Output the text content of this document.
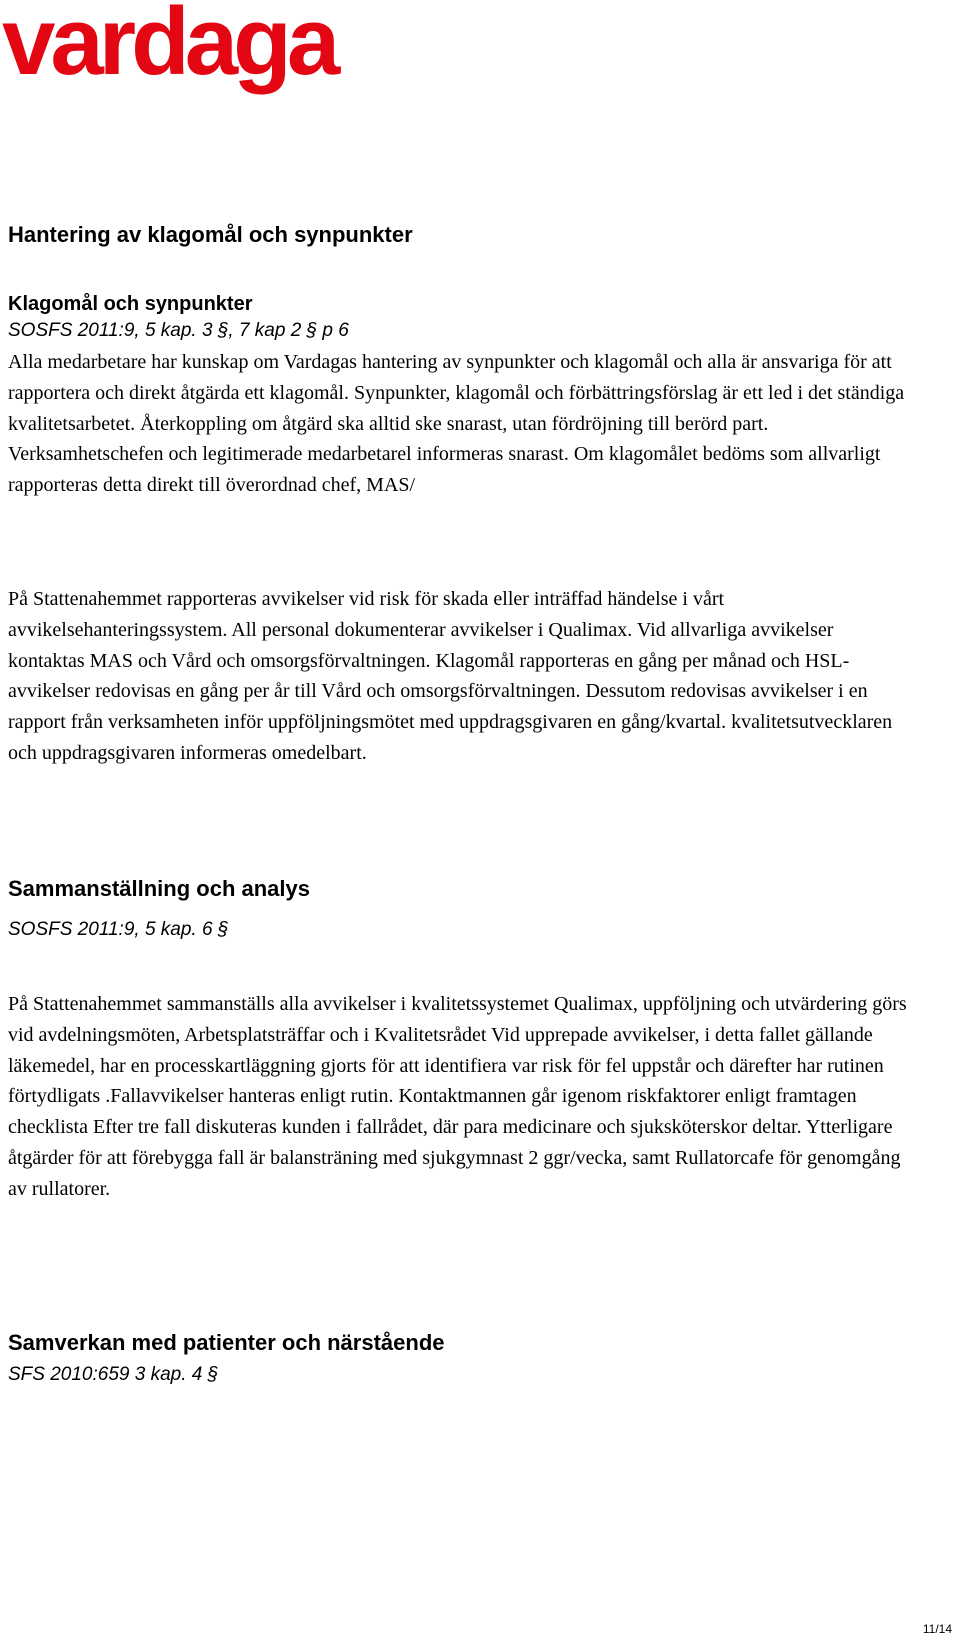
vardaga
Hantering av klagomål och synpunkter
Klagomål och synpunkter
SOSFS 2011:9, 5 kap. 3 §, 7 kap 2 § p 6

Alla medarbetare har kunskap om Vardagas hantering av synpunkter och klagomål och alla är ansvariga för att rapportera och direkt åtgärda ett klagomål. Synpunkter, klagomål och förbättringsförslag är ett led i det ständiga kvalitetsarbetet. Återkoppling om åtgärd ska alltid ske snarast, utan fördröjning till berörd part. Verksamhetschefen och legitimerade medarbetarel informeras snarast. Om klagomålet bedöms som allvarligt rapporteras detta direkt till överordnad chef, MAS/

På Stattenahemmet rapporteras avvikelser vid risk för skada eller inträffad händelse i vårt avvikelsehanteringssystem. All personal dokumenterar avvikelser i Qualimax. Vid allvarliga avvikelser kontaktas MAS och Vård och omsorgsförvaltningen. Klagomål rapporteras en gång per månad och HSL-avvikelser redovisas en gång per år till Vård och omsorgsförvaltningen. Dessutom redovisas avvikelser i en rapport från verksamheten inför uppföljningsmötet med uppdragsgivaren en gång/kvartal. kvalitetsutvecklaren och uppdragsgivaren informeras omedelbart.

Sammanställning och analys
SOSFS 2011:9, 5 kap. 6 §

På Stattenahemmet sammanställs alla avvikelser i kvalitetssystemet Qualimax, uppföljning och utvärdering görs vid avdelningsmöten, Arbetsplatsträffar och i Kvalitetsrådet Vid upprepade avvikelser, i detta fallet gällande läkemedel, har en processkartläggning gjorts för att identifiera var risk för fel uppstår och därefter har rutinen förtydligats .Fallavvikelser hanteras enligt rutin. Kontaktmannen går igenom riskfaktorer enligt framtagen checklista Efter tre fall diskuteras kunden i fallrådet, där para medicinare och sjuksköterskor deltar. Ytterligare åtgärder för att förebygga fall är balansträning med sjukgymnast 2 ggr/vecka, samt Rullatorcafe för genomgång av rullatorer.

Samverkan med patienter och närstående
SFS 2010:659 3 kap. 4 §
11/14
